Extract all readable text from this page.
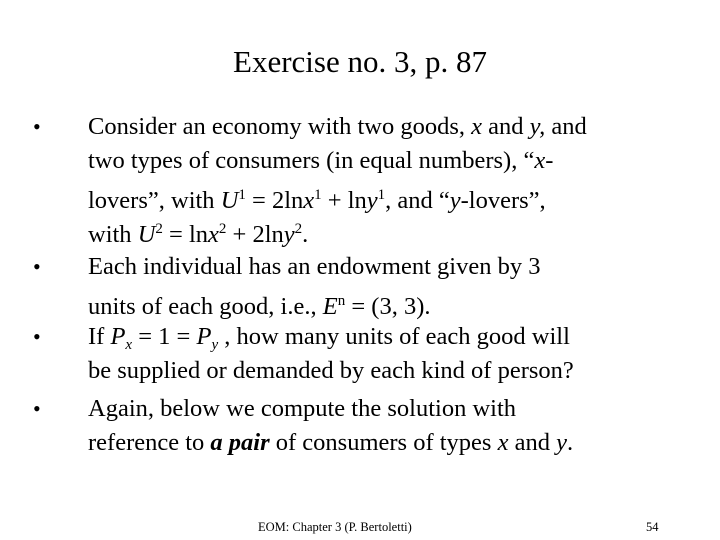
Exercise no. 3, p. 87
• Consider an economy with two goods, x and y, and
two types of consumers (in equal numbers), “x-
lovers”, with $U^1 = 2\ln x^1 + \ln y^1$, and “y-lovers”,
with $U^2 = \ln x^2 + 2\ln y^2$.
• Each individual has an endowment given by 3
units of each good, i.e., $E^n = (3$, 3).
• If $P_x = 1 = P_y$ , how many units of each good will
be supplied or demanded by each kind of person?
• Again, below we compute the solution with
reference to a pair of consumers of types x and y.
EOM: Chapter 3 (P. Bertoletti)	54
